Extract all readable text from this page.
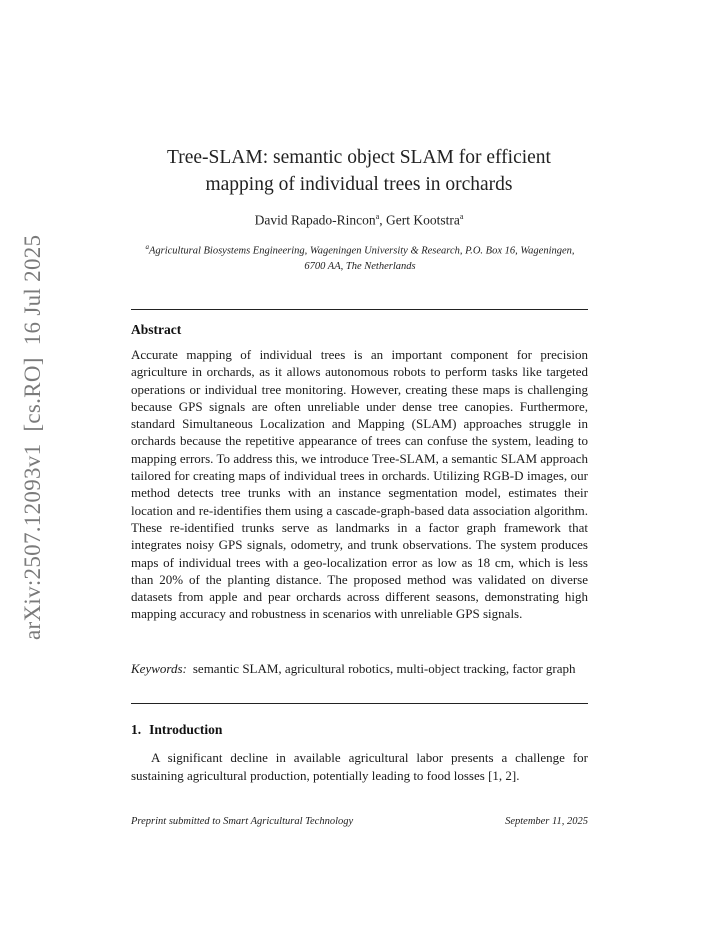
arXiv:2507.12093v1[cs.RO]16 Jul 2025
Tree-SLAM: semantic object SLAM for efficient
mapping of individual trees in orchards
David Rapado-Rincon$^a$, Gert Kootstra$^a$
$^a$Agricultural Biosystems Engineering, Wageningen University & Research, P.O. Box 16, Wageningen, 6700 AA, The Netherlands
Abstract
Accurate mapping of individual trees is an important component for precision agriculture in orchards, as it allows autonomous robots to perform tasks like targeted operations or individual tree monitoring. However, creating these maps is challenging because GPS signals are often unreliable under dense tree canopies. Furthermore, standard Simultaneous Localization and Mapping (SLAM) approaches struggle in orchards because the repetitive appearance of trees can confuse the system, leading to mapping errors. To address this, we introduce Tree-SLAM, a semantic SLAM approach tailored for creating maps of individual trees in orchards. Utilizing RGB-D images, our method detects tree trunks with an instance segmentation model, estimates their location and re-identifies them using a cascade-graph-based data association algorithm. These re-identified trunks serve as landmarks in a factor graph framework that integrates noisy GPS signals, odometry, and trunk observations. The system produces maps of individual trees with a geo-localization error as low as 18 cm, which is less than 20% of the planting distance. The proposed method was validated on diverse datasets from apple and pear orchards across different seasons, demonstrating high mapping accuracy and robustness in scenarios with unreliable GPS signals.
Keywords: semantic SLAM, agricultural robotics, multi-object tracking, factor graph
1. Introduction
A significant decline in available agricultural labor presents a challenge for sustaining agricultural production, potentially leading to food losses [1, 2].
Preprint submitted to Smart Agricultural Technology	September 11, 2025
